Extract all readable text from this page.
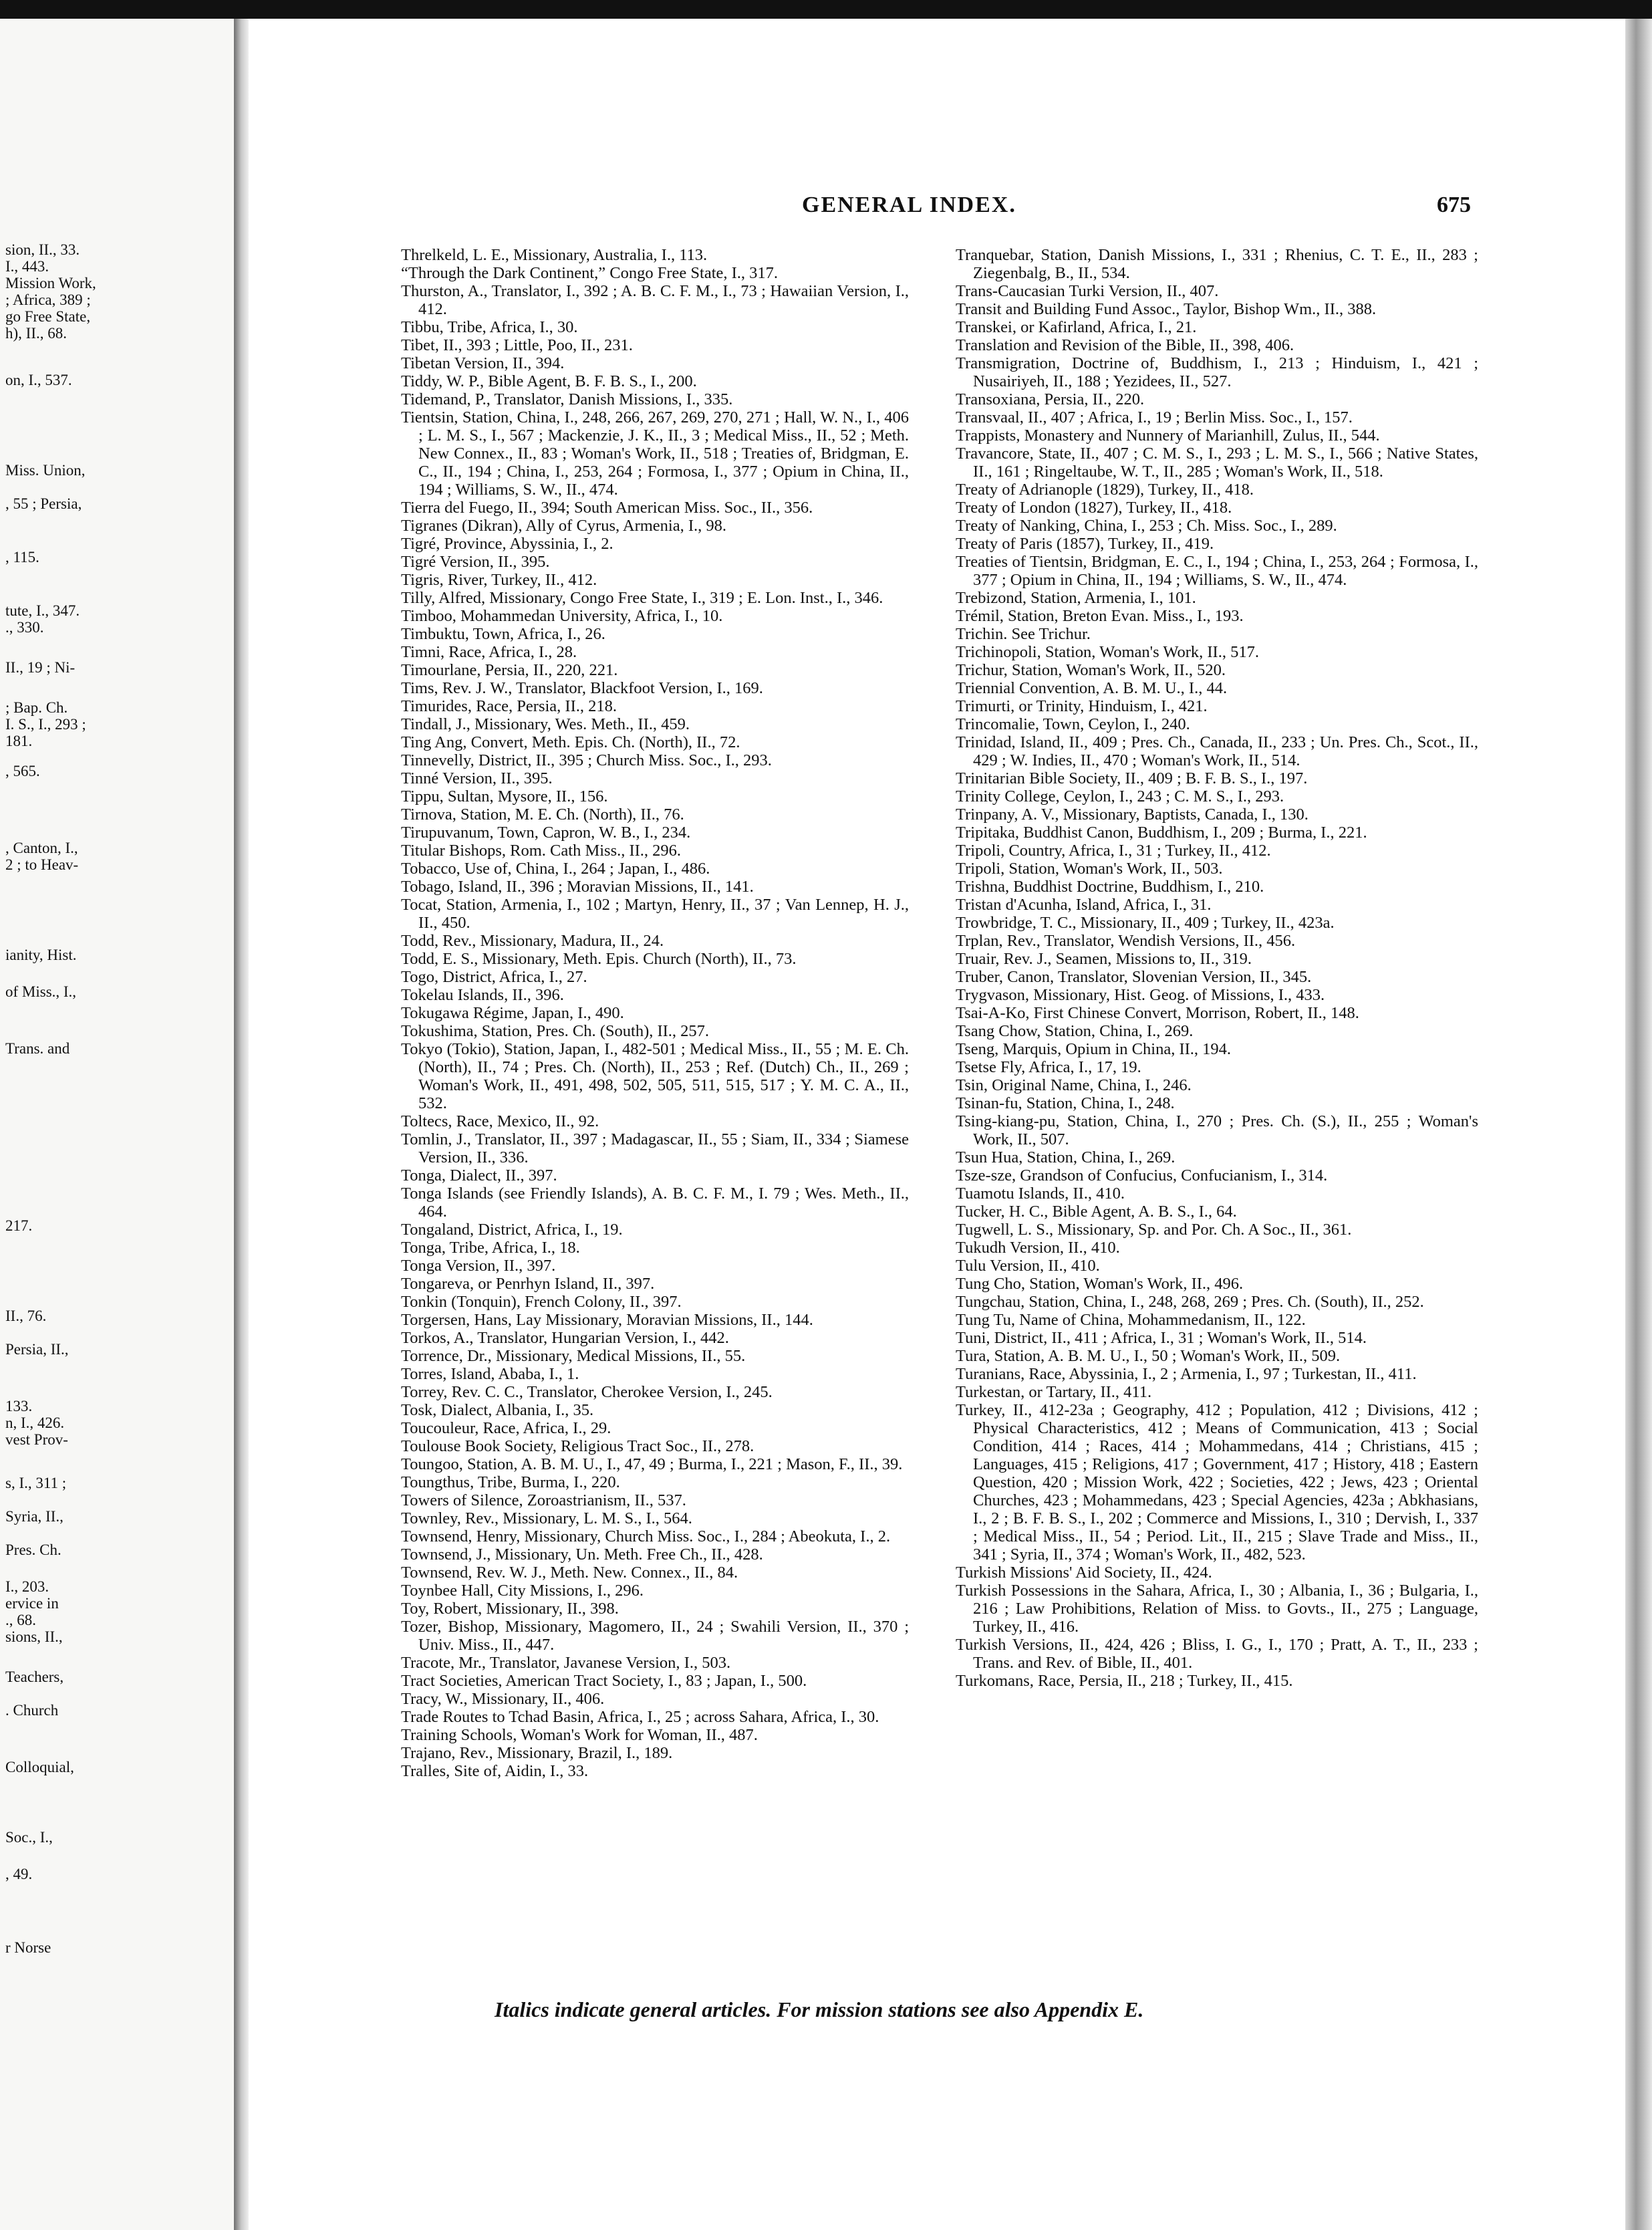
sion, II., 33.
I., 443.
Mission Work,
; Africa, 389 ;
go Free State,
h), II., 68.
on, I., 537.
Miss. Union,
, 55 ; Persia,
, 115.
tute, I., 347.
., 330.
II., 19 ; Ni-
; Bap. Ch.
I. S., I., 293 ;
181.
, 565.
, Canton, I.,
2 ; to Heav-
ianity, Hist.
of Miss., I.,
Trans. and
217.
II., 76.
Persia, II.,
133.
n, I., 426.
vest Prov-
s, I., 311 ;
Syria, II.,
Pres. Ch.
I., 203.
ervice in
., 68.
sions, II.,
Teachers,
. Church
Colloquial,
Soc., I.,
, 49.
r Norse
GENERAL INDEX.	675

Threlkeld, L. E., Missionary, Australia, I., 113.

“Through the Dark Continent,” Congo Free State, I., 317.

Thurston, A., Translator, I., 392 ; A. B. C. F. M., I., 73 ; Hawaiian Version, I., 412.

Tibbu, Tribe, Africa, I., 30.

Tibet, II., 393 ; Little, Poo, II., 231.

Tibetan Version, II., 394.

Tiddy, W. P., Bible Agent, B. F. B. S., I., 200.

Tidemand, P., Translator, Danish Missions, I., 335.

Tientsin, Station, China, I., 248, 266, 267, 269, 270, 271 ; Hall, W. N., I., 406 ; L. M. S., I., 567 ; Mackenzie, J. K., II., 3 ; Medical Miss., II., 52 ; Meth. New Connex., II., 83 ; Woman's Work, II., 518 ; Treaties of, Bridgman, E. C., II., 194 ; China, I., 253, 264 ; Formosa, I., 377 ; Opium in China, II., 194 ; Williams, S. W., II., 474.

Tierra del Fuego, II., 394; South American Miss. Soc., II., 356.

Tigranes (Dikran), Ally of Cyrus, Armenia, I., 98.

Tigré, Province, Abyssinia, I., 2.

Tigré Version, II., 395.

Tigris, River, Turkey, II., 412.

Tilly, Alfred, Missionary, Congo Free State, I., 319 ; E. Lon. Inst., I., 346.

Timboo, Mohammedan University, Africa, I., 10.

Timbuktu, Town, Africa, I., 26.

Timni, Race, Africa, I., 28.

Timourlane, Persia, II., 220, 221.

Tims, Rev. J. W., Translator, Blackfoot Version, I., 169.

Timurides, Race, Persia, II., 218.

Tindall, J., Missionary, Wes. Meth., II., 459.

Ting Ang, Convert, Meth. Epis. Ch. (North), II., 72.

Tinnevelly, District, II., 395 ; Church Miss. Soc., I., 293.

Tinné Version, II., 395.

Tippu, Sultan, Mysore, II., 156.

Tirnova, Station, M. E. Ch. (North), II., 76.

Tirupuvanum, Town, Capron, W. B., I., 234.

Titular Bishops, Rom. Cath Miss., II., 296.

Tobacco, Use of, China, I., 264 ; Japan, I., 486.

Tobago, Island, II., 396 ; Moravian Missions, II., 141.

Tocat, Station, Armenia, I., 102 ; Martyn, Henry, II., 37 ; Van Lennep, H. J., II., 450.

Todd, Rev., Missionary, Madura, II., 24.

Todd, E. S., Missionary, Meth. Epis. Church (North), II., 73.

Togo, District, Africa, I., 27.

Tokelau Islands, II., 396.

Tokugawa Régime, Japan, I., 490.

Tokushima, Station, Pres. Ch. (South), II., 257.

Tokyo (Tokio), Station, Japan, I., 482-501 ; Medical Miss., II., 55 ; M. E. Ch. (North), II., 74 ; Pres. Ch. (North), II., 253 ; Ref. (Dutch) Ch., II., 269 ; Woman's Work, II., 491, 498, 502, 505, 511, 515, 517 ; Y. M. C. A., II., 532.

Toltecs, Race, Mexico, II., 92.

Tomlin, J., Translator, II., 397 ; Madagascar, II., 55 ; Siam, II., 334 ; Siamese Version, II., 336.

Tonga, Dialect, II., 397.

Tonga Islands (see Friendly Islands), A. B. C. F. M., I. 79 ; Wes. Meth., II., 464.

Tongaland, District, Africa, I., 19.

Tonga, Tribe, Africa, I., 18.

Tonga Version, II., 397.

Tongareva, or Penrhyn Island, II., 397.

Tonkin (Tonquin), French Colony, II., 397.

Torgersen, Hans, Lay Missionary, Moravian Missions, II., 144.

Torkos, A., Translator, Hungarian Version, I., 442.

Torrence, Dr., Missionary, Medical Missions, II., 55.

Torres, Island, Ababa, I., 1.

Torrey, Rev. C. C., Translator, Cherokee Version, I., 245.

Tosk, Dialect, Albania, I., 35.

Toucouleur, Race, Africa, I., 29.

Toulouse Book Society, Religious Tract Soc., II., 278.

Toungoo, Station, A. B. M. U., I., 47, 49 ; Burma, I., 221 ; Mason, F., II., 39.

Toungthus, Tribe, Burma, I., 220.

Towers of Silence, Zoroastrianism, II., 537.

Townley, Rev., Missionary, L. M. S., I., 564.

Townsend, Henry, Missionary, Church Miss. Soc., I., 284 ; Abeokuta, I., 2.

Townsend, J., Missionary, Un. Meth. Free Ch., II., 428.

Townsend, Rev. W. J., Meth. New. Connex., II., 84.

Toynbee Hall, City Missions, I., 296.

Toy, Robert, Missionary, II., 398.

Tozer, Bishop, Missionary, Magomero, II., 24 ; Swahili Version, II., 370 ; Univ. Miss., II., 447.

Tracote, Mr., Translator, Javanese Version, I., 503.

Tract Societies, American Tract Society, I., 83 ; Japan, I., 500.

Tracy, W., Missionary, II., 406.

Trade Routes to Tchad Basin, Africa, I., 25 ; across Sahara, Africa, I., 30.

Training Schools, Woman's Work for Woman, II., 487.

Trajano, Rev., Missionary, Brazil, I., 189.

Tralles, Site of, Aidin, I., 33.

Tranquebar, Station, Danish Missions, I., 331 ; Rhenius, C. T. E., II., 283 ; Ziegenbalg, B., II., 534.

Trans-Caucasian Turki Version, II., 407.

Transit and Building Fund Assoc., Taylor, Bishop Wm., II., 388.

Transkei, or Kafirland, Africa, I., 21.

Translation and Revision of the Bible, II., 398, 406.

Transmigration, Doctrine of, Buddhism, I., 213 ; Hinduism, I., 421 ; Nusairiyeh, II., 188 ; Yezidees, II., 527.

Transoxiana, Persia, II., 220.

Transvaal, II., 407 ; Africa, I., 19 ; Berlin Miss. Soc., I., 157.

Trappists, Monastery and Nunnery of Marianhill, Zulus, II., 544.

Travancore, State, II., 407 ; C. M. S., I., 293 ; L. M. S., I., 566 ; Native States, II., 161 ; Ringeltaube, W. T., II., 285 ; Woman's Work, II., 518.

Treaty of Adrianople (1829), Turkey, II., 418.

Treaty of London (1827), Turkey, II., 418.

Treaty of Nanking, China, I., 253 ; Ch. Miss. Soc., I., 289.

Treaty of Paris (1857), Turkey, II., 419.

Treaties of Tientsin, Bridgman, E. C., I., 194 ; China, I., 253, 264 ; Formosa, I., 377 ; Opium in China, II., 194 ; Williams, S. W., II., 474.

Trebizond, Station, Armenia, I., 101.

Trémil, Station, Breton Evan. Miss., I., 193.

Trichin. See Trichur.

Trichinopoli, Station, Woman's Work, II., 517.

Trichur, Station, Woman's Work, II., 520.

Triennial Convention, A. B. M. U., I., 44.

Trimurti, or Trinity, Hinduism, I., 421.

Trincomalie, Town, Ceylon, I., 240.

Trinidad, Island, II., 409 ; Pres. Ch., Canada, II., 233 ; Un. Pres. Ch., Scot., II., 429 ; W. Indies, II., 470 ; Woman's Work, II., 514.

Trinitarian Bible Society, II., 409 ; B. F. B. S., I., 197.

Trinity College, Ceylon, I., 243 ; C. M. S., I., 293.

Trinpany, A. V., Missionary, Baptists, Canada, I., 130.

Tripitaka, Buddhist Canon, Buddhism, I., 209 ; Burma, I., 221.

Tripoli, Country, Africa, I., 31 ; Turkey, II., 412.

Tripoli, Station, Woman's Work, II., 503.

Trishna, Buddhist Doctrine, Buddhism, I., 210.

Tristan d'Acunha, Island, Africa, I., 31.

Trowbridge, T. C., Missionary, II., 409 ; Turkey, II., 423a.

Trplan, Rev., Translator, Wendish Versions, II., 456.

Truair, Rev. J., Seamen, Missions to, II., 319.

Truber, Canon, Translator, Slovenian Version, II., 345.

Trygvason, Missionary, Hist. Geog. of Missions, I., 433.

Tsai-A-Ko, First Chinese Convert, Morrison, Robert, II., 148.

Tsang Chow, Station, China, I., 269.

Tseng, Marquis, Opium in China, II., 194.

Tsetse Fly, Africa, I., 17, 19.

Tsin, Original Name, China, I., 246.

Tsinan-fu, Station, China, I., 248.

Tsing-kiang-pu, Station, China, I., 270 ; Pres. Ch. (S.), II., 255 ; Woman's Work, II., 507.

Tsun Hua, Station, China, I., 269.

Tsze-sze, Grandson of Confucius, Confucianism, I., 314.

Tuamotu Islands, II., 410.

Tucker, H. C., Bible Agent, A. B. S., I., 64.

Tugwell, L. S., Missionary, Sp. and Por. Ch. A Soc., II., 361.

Tukudh Version, II., 410.

Tulu Version, II., 410.

Tung Cho, Station, Woman's Work, II., 496.

Tungchau, Station, China, I., 248, 268, 269 ; Pres. Ch. (South), II., 252.

Tung Tu, Name of China, Mohammedanism, II., 122.

Tuni, District, II., 411 ; Africa, I., 31 ; Woman's Work, II., 514.

Tura, Station, A. B. M. U., I., 50 ; Woman's Work, II., 509.

Turanians, Race, Abyssinia, I., 2 ; Armenia, I., 97 ; Turkestan, II., 411.

Turkestan, or Tartary, II., 411.

Turkey, II., 412-23a ; Geography, 412 ; Population, 412 ; Divisions, 412 ; Physical Characteristics, 412 ; Means of Communication, 413 ; Social Condition, 414 ; Races, 414 ; Mohammedans, 414 ; Christians, 415 ; Languages, 415 ; Religions, 417 ; Government, 417 ; History, 418 ; Eastern Question, 420 ; Mission Work, 422 ; Societies, 422 ; Jews, 423 ; Oriental Churches, 423 ; Mohammedans, 423 ; Special Agencies, 423a ; Abkhasians, I., 2 ; B. F. B. S., I., 202 ; Commerce and Missions, I., 310 ; Dervish, I., 337 ; Medical Miss., II., 54 ; Period. Lit., II., 215 ; Slave Trade and Miss., II., 341 ; Syria, II., 374 ; Woman's Work, II., 482, 523.

Turkish Missions' Aid Society, II., 424.

Turkish Possessions in the Sahara, Africa, I., 30 ; Albania, I., 36 ; Bulgaria, I., 216 ; Law Prohibitions, Relation of Miss. to Govts., II., 275 ; Language, Turkey, II., 416.

Turkish Versions, II., 424, 426 ; Bliss, I. G., I., 170 ; Pratt, A. T., II., 233 ; Trans. and Rev. of Bible, II., 401.

Turkomans, Race, Persia, II., 218 ; Turkey, II., 415.

Italics indicate general articles. For mission stations see also Appendix E.
